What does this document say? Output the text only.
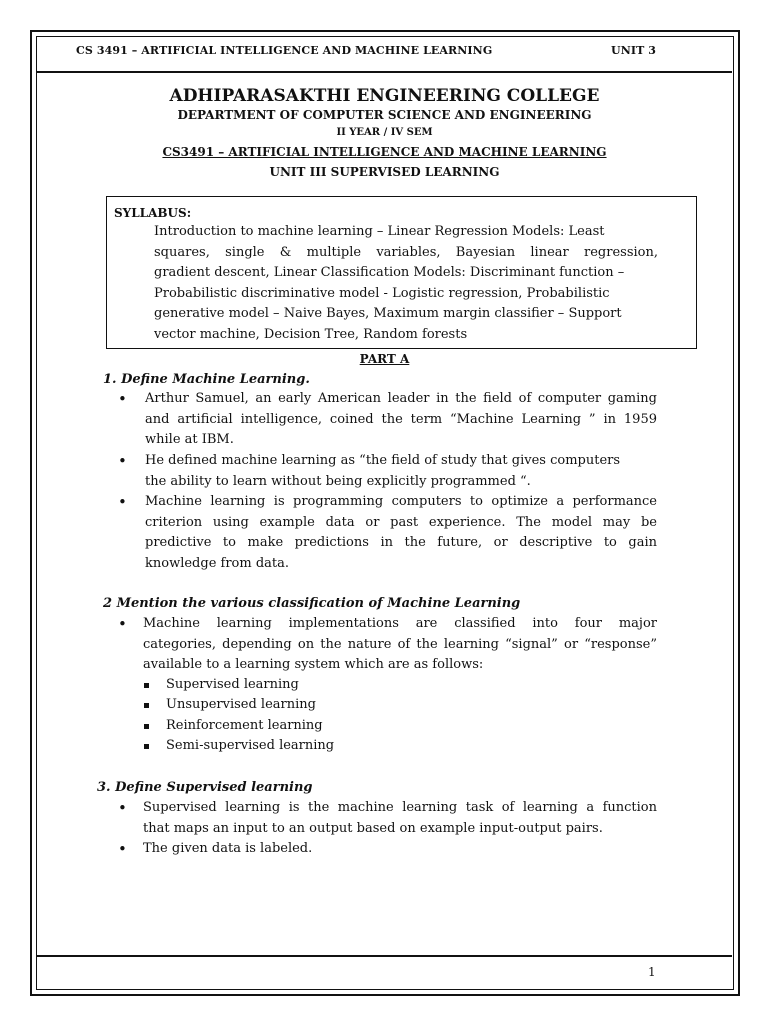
CS 3491 – ARTIFICIAL INTELLIGENCE AND MACHINE LEARNING	UNIT 3
ADHIPARASAKTHI ENGINEERING COLLEGE
DEPARTMENT OF COMPUTER SCIENCE AND ENGINEERING
II YEAR / IV SEM
CS3491 – ARTIFICIAL INTELLIGENCE AND MACHINE LEARNING
UNIT III SUPERVISED LEARNING
SYLLABUS:
Introduction to machine learning – Linear Regression Models: Least
squares, single & multiple variables, Bayesian linear regression,
gradient descent, Linear Classification Models: Discriminant function –
Probabilistic discriminative model - Logistic regression, Probabilistic
generative model – Naive Bayes, Maximum margin classifier – Support
vector machine, Decision Tree, Random forests
PART A
1. Define Machine Learning.
• Arthur Samuel, an early American leader in the field of computer gaming
and artificial intelligence, coined the term “Machine Learning ” in 1959
while at IBM.
• He defined machine learning as “the field of study that gives computers
the ability to learn without being explicitly programmed “.
• Machine learning is programming computers to optimize a performance
criterion using example data or past experience. The model may be
predictive to make predictions in the future, or descriptive to gain
knowledge from data.
2 Mention the various classification of Machine Learning
• Machine learning implementations are classified into four major
categories, depending on the nature of the learning “signal” or “response”
available to a learning system which are as follows:
Supervised learning
Unsupervised learning
Reinforcement learning
Semi-supervised learning
3. Define Supervised learning
• Supervised learning is the machine learning task of learning a function
that maps an input to an output based on example input-output pairs.
• The given data is labeled.
1
